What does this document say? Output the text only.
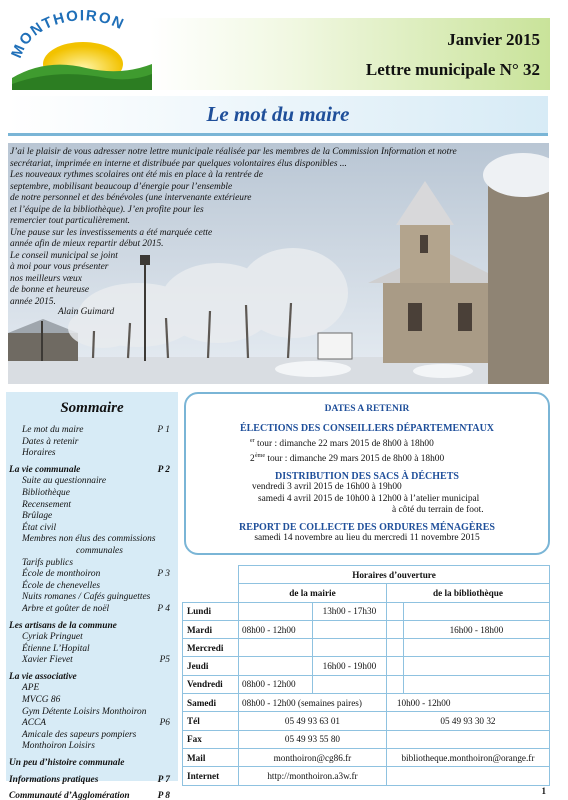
MONTHOIRON
Janvier 2015
Lettre municipale N° 32
Le mot du maire

J’ai le plaisir de vous adresser notre lettre municipale réalisée par les membres de la Commission Information et notre

secrétariat, imprimée en interne et distribuée par quelques volontaires élus disponibles ...

Les nouveaux rythmes scolaires ont été mis en place à la rentrée de

septembre, mobilisant beaucoup d’énergie pour l’ensemble

de notre personnel et des bénévoles (une intervenante extérieure

et l’équipe de la bibliothèque). J’en profite pour les

remercier tout particulièrement.

Une pause sur les investissements a été marquée cette

année afin de mieux repartir début 2015.

Le conseil municipal se joint

à moi pour vous présenter

nos meilleurs vœux

de bonne et heureuse

année 2015.

Alain Guimard
Sommaire
Le mot du maire	P 1
Dates à retenir
Horaires
La vie communale	P 2
Suite au questionnaire
Bibliothèque
Recensement
Brûlage
État civil
Membres non élus des commissions
communales
Tarifs publics
École de monthoiron	P 3
École de chenevelles
Nuits romanes / Cafés guinguettes
Arbre et goûter de noël	P 4
Les artisans de la commune
Cyriak Pringuet
Étienne L’Hopital
Xavier Fievet	P5
La vie associative
APE
MVCG 86
Gym Détente Loisirs Monthoiron
ACCA	P6
Amicale des sapeurs pompiers
Monthoiron Loisirs
Un peu d’histoire communale
Informations pratiques	P 7
Communauté d’Agglomération	P 8
DATES A RETENIR
ÉLECTIONS DES CONSEILLERS DÉPARTEMENTAUX
$^{er}$ tour : dimanche 22 mars 2015 de 8h00 à 18h00
2ème tour : dimanche 29 mars 2015 de 8h00 à 18h00
DISTRIBUTION DES SACS À DÉCHETS
vendredi 3 avril 2015 de 16h00 à 19h00
samedi 4 avril 2015 de 10h00 à 12h00 à l’atelier municipal
à côté du terrain de foot.
REPORT DE COLLECTE DES ORDURES MÉNAGÈRES
samedi 14 novembre au lieu du mercredi 11 novembre 2015
	Horaires d’ouverture			
	de la mairie		de la bibliothèque	
Lundi		13h00 - 17h30		
Mardi	08h00 - 12h00			16h00 - 18h00
Mercredi				
Jeudi		16h00 - 19h00		
Vendredi	08h00 - 12h00			
Samedi	08h00 - 12h00 (semaines paires)		10h00 - 12h00	
Tél	05 49 93 63 01		05 49 93 30 32	
Fax	05 49 93 55 80			
Mail	monthoiron@cg86.fr		bibliotheque.monthoiron@orange.fr	
Internet	http://monthoiron.a3w.fr			
1
